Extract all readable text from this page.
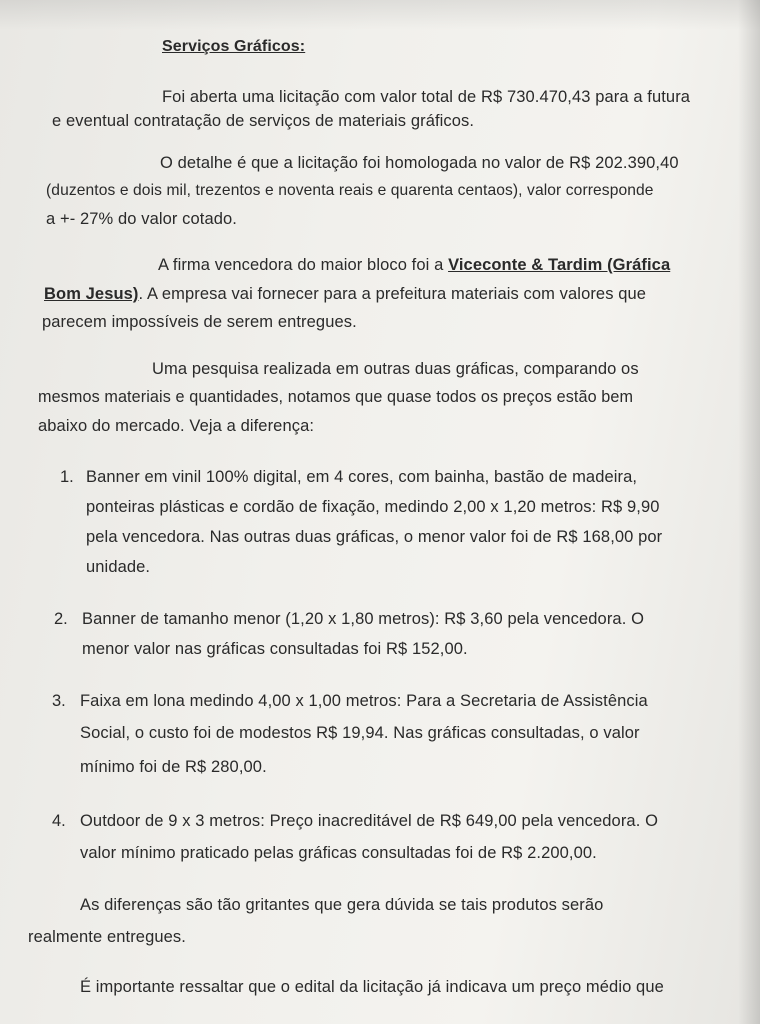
Serviços Gráficos:
Foi aberta uma licitação com valor total de R$ 730.470,43 para a futura
e eventual contratação de serviços de materiais gráficos.
O detalhe é que a licitação foi homologada no valor de R$ 202.390,40
(duzentos e dois mil, trezentos e noventa reais e quarenta centaos), valor corresponde
a +- 27% do valor cotado.
A firma vencedora do maior bloco foi a Viceconte & Tardim (Gráfica
Bom Jesus). A empresa vai fornecer para a prefeitura materiais com valores que
parecem impossíveis de serem entregues.
Uma pesquisa realizada em outras duas gráficas, comparando os
mesmos materiais e quantidades, notamos que quase todos os preços estão bem
abaixo do mercado. Veja a diferença:
1. Banner em vinil 100% digital, em 4 cores, com bainha, bastão de madeira,
ponteiras plásticas e cordão de fixação, medindo 2,00 x 1,20 metros: R$ 9,90
pela vencedora. Nas outras duas gráficas, o menor valor foi de R$ 168,00 por
unidade.
2. Banner de tamanho menor (1,20 x 1,80 metros): R$ 3,60 pela vencedora. O
menor valor nas gráficas consultadas foi R$ 152,00.
3. Faixa em lona medindo 4,00 x 1,00 metros: Para a Secretaria de Assistência
Social, o custo foi de modestos R$ 19,94. Nas gráficas consultadas, o valor
mínimo foi de R$ 280,00.
4. Outdoor de 9 x 3 metros: Preço inacreditável de R$ 649,00 pela vencedora. O
valor mínimo praticado pelas gráficas consultadas foi de R$ 2.200,00.
As diferenças são tão gritantes que gera dúvida se tais produtos serão
realmente entregues.
É importante ressaltar que o edital da licitação já indicava um preço médio que
